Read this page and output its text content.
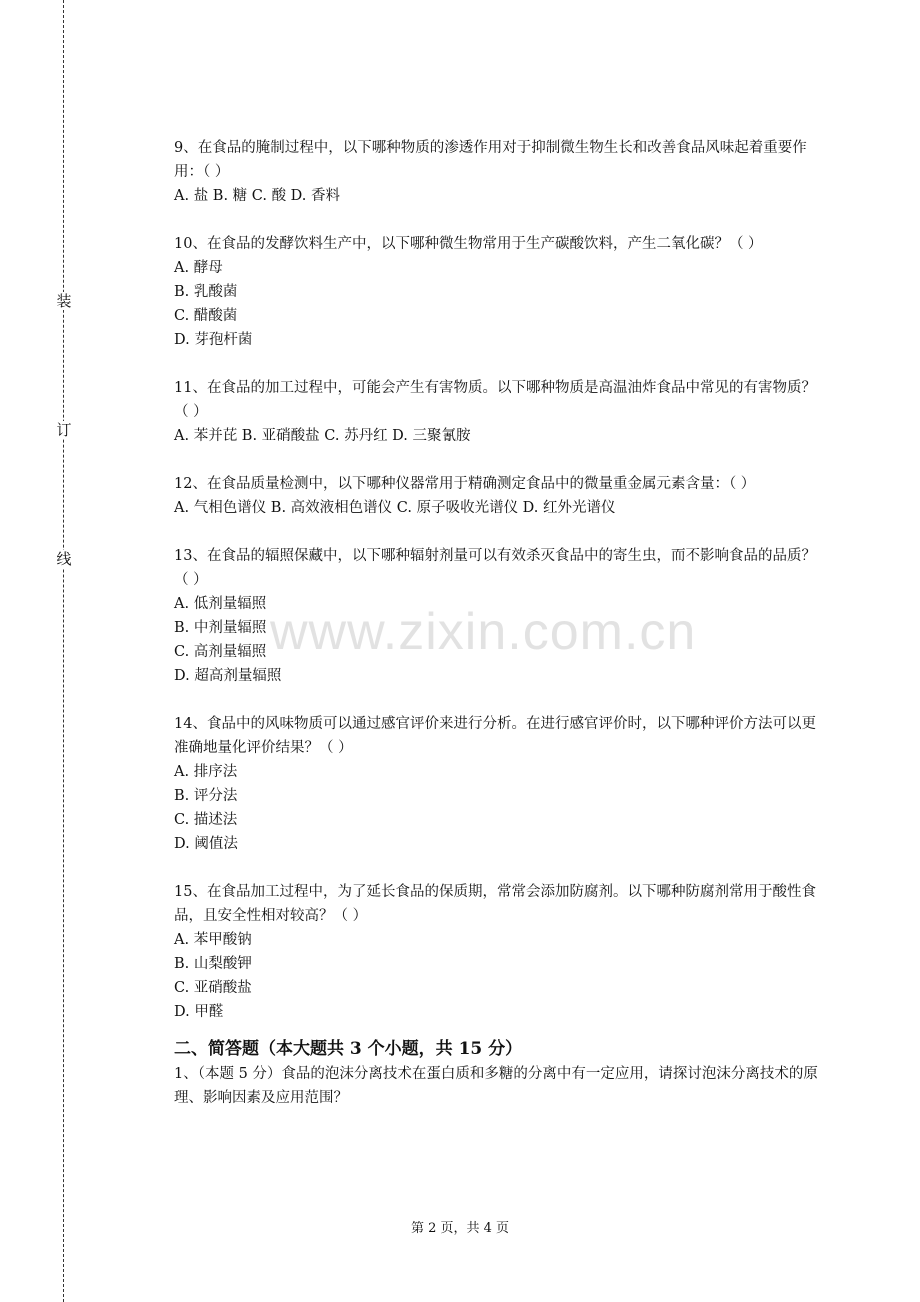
装
订
线
www.zixin.com.cn
9、在食品的腌制过程中，以下哪种物质的渗透作用对于抑制微生物生长和改善食品风味起着重要作用：（ ）
A. 盐 B. 糖 C. 酸 D. 香料
10、在食品的发酵饮料生产中，以下哪种微生物常用于生产碳酸饮料，产生二氧化碳？（ ）
A. 酵母
B. 乳酸菌
C. 醋酸菌
D. 芽孢杆菌
11、在食品的加工过程中，可能会产生有害物质。以下哪种物质是高温油炸食品中常见的有害物质？（ ）
A. 苯并芘 B. 亚硝酸盐 C. 苏丹红 D. 三聚氰胺
12、在食品质量检测中，以下哪种仪器常用于精确测定食品中的微量重金属元素含量：（ ）
A. 气相色谱仪 B. 高效液相色谱仪 C. 原子吸收光谱仪 D. 红外光谱仪
13、在食品的辐照保藏中，以下哪种辐射剂量可以有效杀灭食品中的寄生虫，而不影响食品的品质？（ ）
A. 低剂量辐照
B. 中剂量辐照
C. 高剂量辐照
D. 超高剂量辐照
14、食品中的风味物质可以通过感官评价来进行分析。在进行感官评价时，以下哪种评价方法可以更准确地量化评价结果？（ ）
A. 排序法
B. 评分法
C. 描述法
D. 阈值法
15、在食品加工过程中，为了延长食品的保质期，常常会添加防腐剂。以下哪种防腐剂常用于酸性食品，且安全性相对较高？（ ）
A. 苯甲酸钠
B. 山梨酸钾
C. 亚硝酸盐
D. 甲醛
二、简答题（本大题共 3 个小题，共 15 分）
1、（本题 5 分）食品的泡沫分离技术在蛋白质和多糖的分离中有一定应用，请探讨泡沫分离技术的原理、影响因素及应用范围？
第 2 页，共 4 页
